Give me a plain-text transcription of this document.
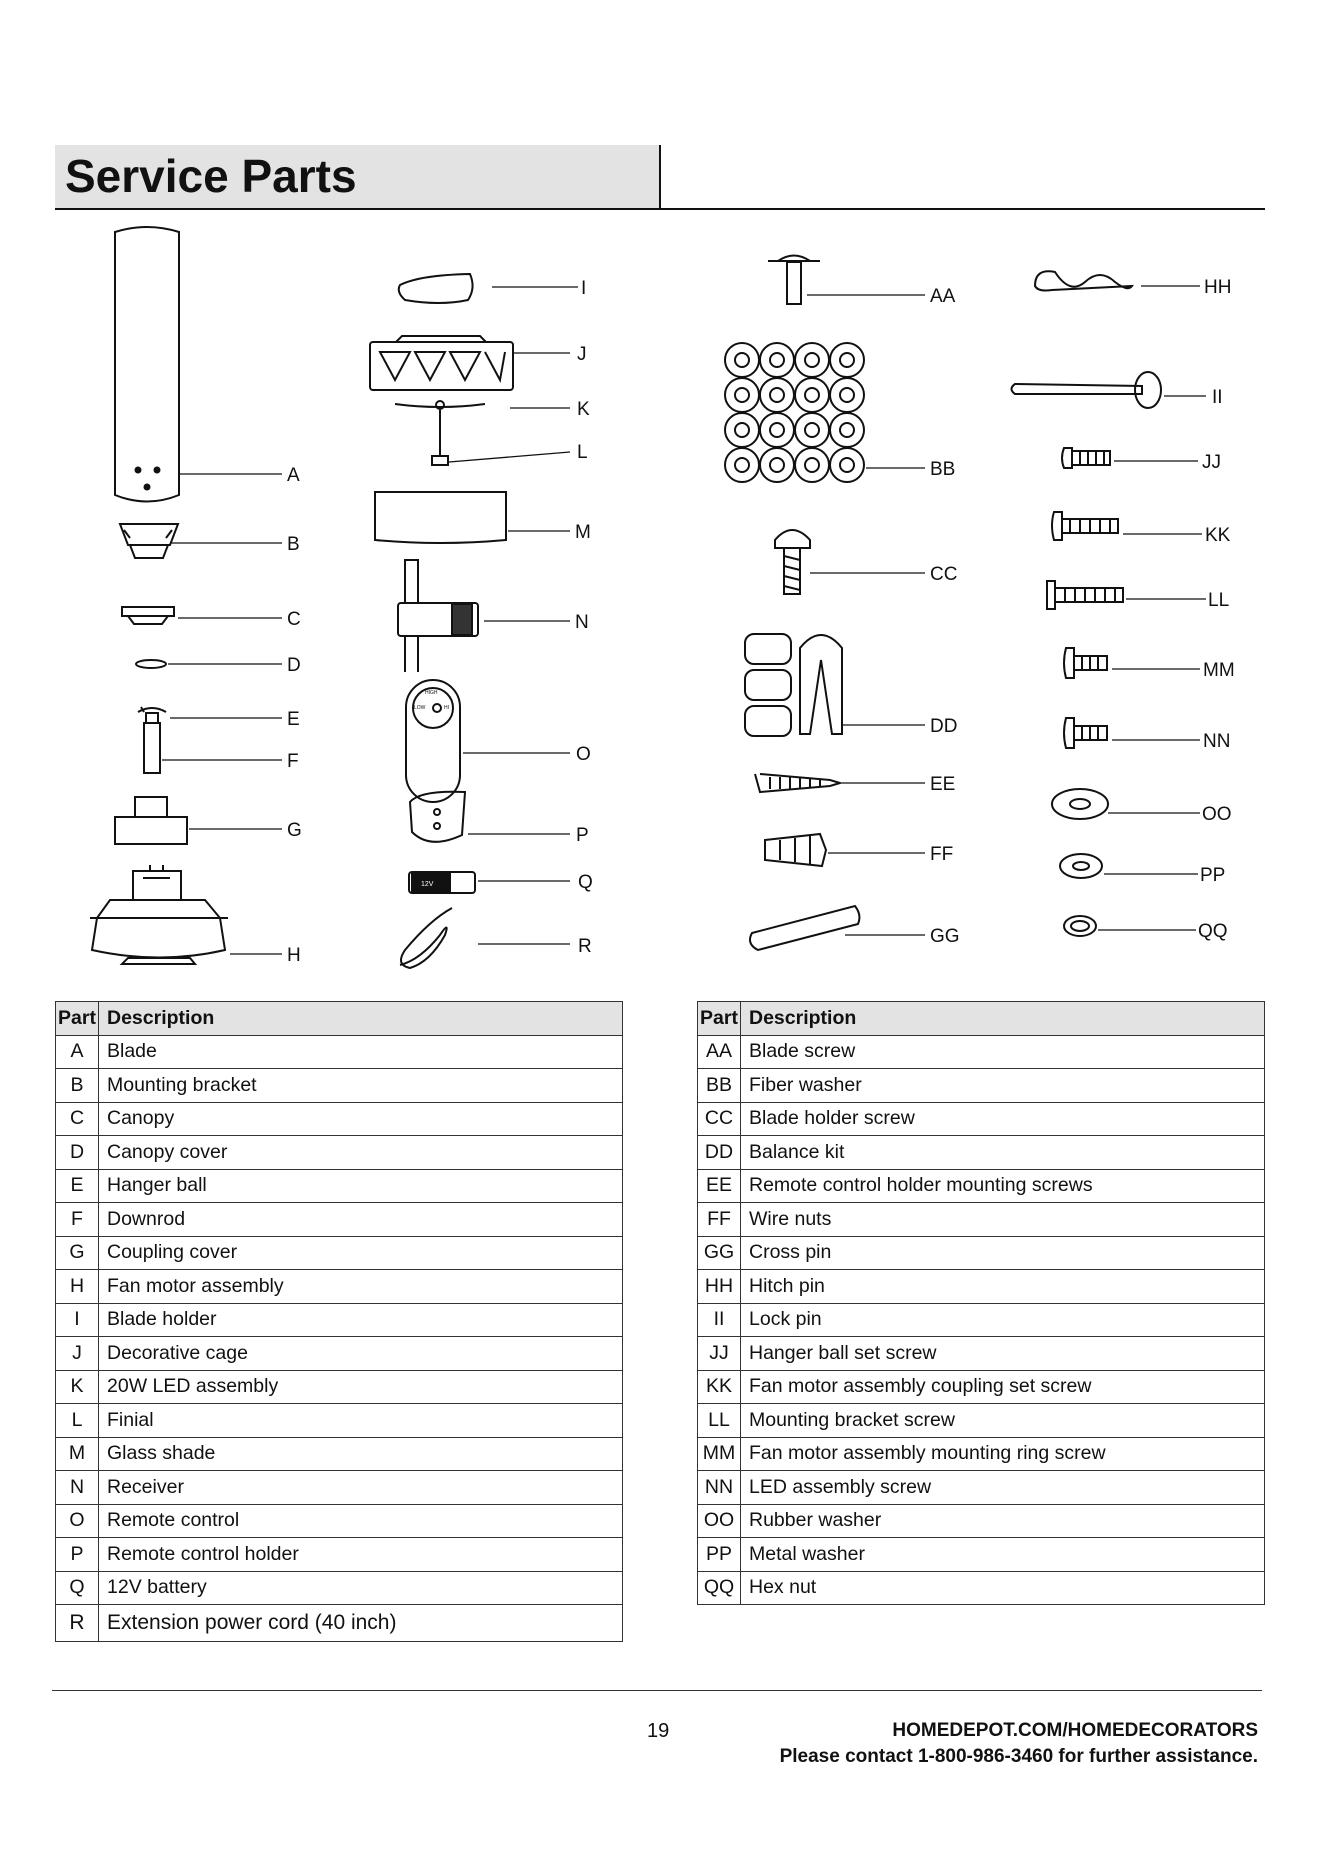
Service Parts
HIGH
LOW	HI
12V
A
B
C
D
E
F
G
H
I
J
K
L
M
N
O
P
Q
R
AA
BB
CC
DD
EE
FF
GG
HH
II
JJ
KK
LL
MM
NN
OO
PP
QQ
Part	Description
A	Blade
B	Mounting bracket
C	Canopy
D	Canopy cover
E	Hanger ball
F	Downrod
G	Coupling cover
H	Fan motor assembly
I	Blade holder
J	Decorative cage
K	20W LED assembly
L	Finial
M	Glass shade
N	Receiver
O	Remote control
P	Remote control holder
Q	12V battery
R	Extension power cord (40 inch)
Part	Description
AA	Blade screw
BB	Fiber washer
CC	Blade holder screw
DD	Balance kit
EE	Remote control holder mounting screws
FF	Wire nuts
GG	Cross pin
HH	Hitch pin
II	Lock pin
JJ	Hanger ball set screw
KK	Fan motor assembly coupling set screw
LL	Mounting bracket screw
MM	Fan motor assembly mounting ring screw
NN	LED assembly screw
OO	Rubber washer
PP	Metal washer
QQ	Hex nut
19	HOMEDEPOT.COM/HOMEDECORATORS
Please contact 1-800-986-3460 for further assistance.
